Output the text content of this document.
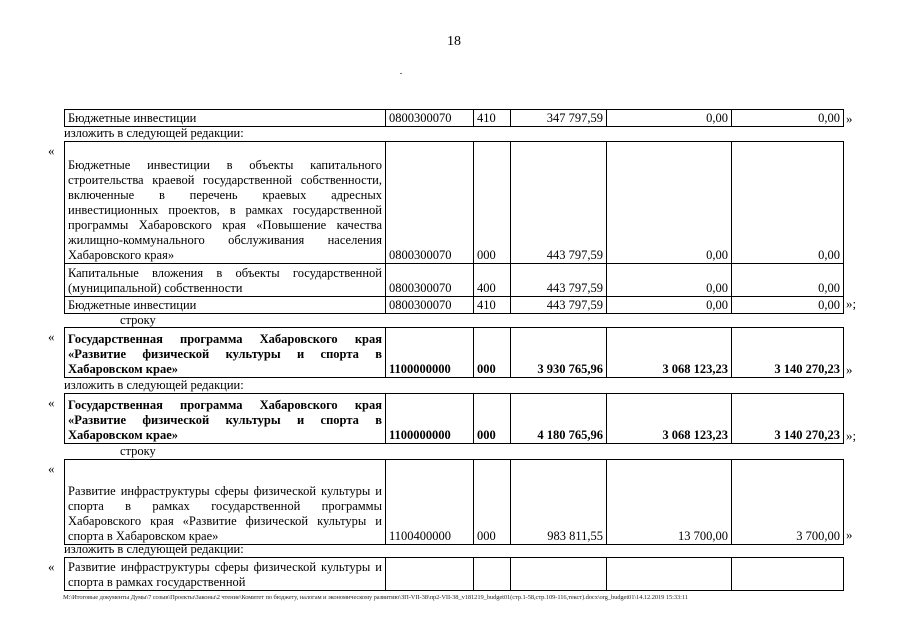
18
Бюджетные инвестиции	0800300070	410	347 797,59	0,00	0,00 »
изложить в следующей редакции:
«
Бюджетные инвестиции в объекты капитального строительства краевой государственной собственности, включенные в перечень краевых адресных инвестиционных проектов, в рамках государственной программы Хабаровского края «Повышение качества жилищно-коммунального обслуживания населения Хабаровского края»	0800300070	000	443 797,59	0,00	0,00
Капитальные вложения в объекты государственной (муниципальной) собственности	0800300070	400	443 797,59	0,00	0,00
Бюджетные инвестиции	0800300070	410	443 797,59	0,00	0,00 »;
строку
« Государственная программа Хабаровского края «Развитие физической культуры и спорта в Хабаровском крае»	1100000000	000	3 930 765,96	3 068 123,23	3 140 270,23 »
изложить в следующей редакции:
« Государственная программа Хабаровского края «Развитие физической культуры и спорта в Хабаровском крае»	1100000000	000	4 180 765,96	3 068 123,23	3 140 270,23 »;
строку
«
Развитие инфраструктуры сферы физической культуры и спорта в рамках государственной программы Хабаровского края «Развитие физической культуры и спорта в Хабаровском крае»	1100400000	000	983 811,55	13 700,00	3 700,00 »
изложить в следующей редакции:
« Развитие инфраструктуры сферы физической культуры и спорта в рамках государственной					
M:\Итоговые документы Думы\7 созыв\Проекты\Законы\2 чтение\Комитет по бюджету, налогам и экономическому развитию\ЗП-VII-38\пр2-VII-38_v181219_budget01(стр.1-58,стр.109-116,текст).docx\org_budget01\14.12.2019 15:33:11
